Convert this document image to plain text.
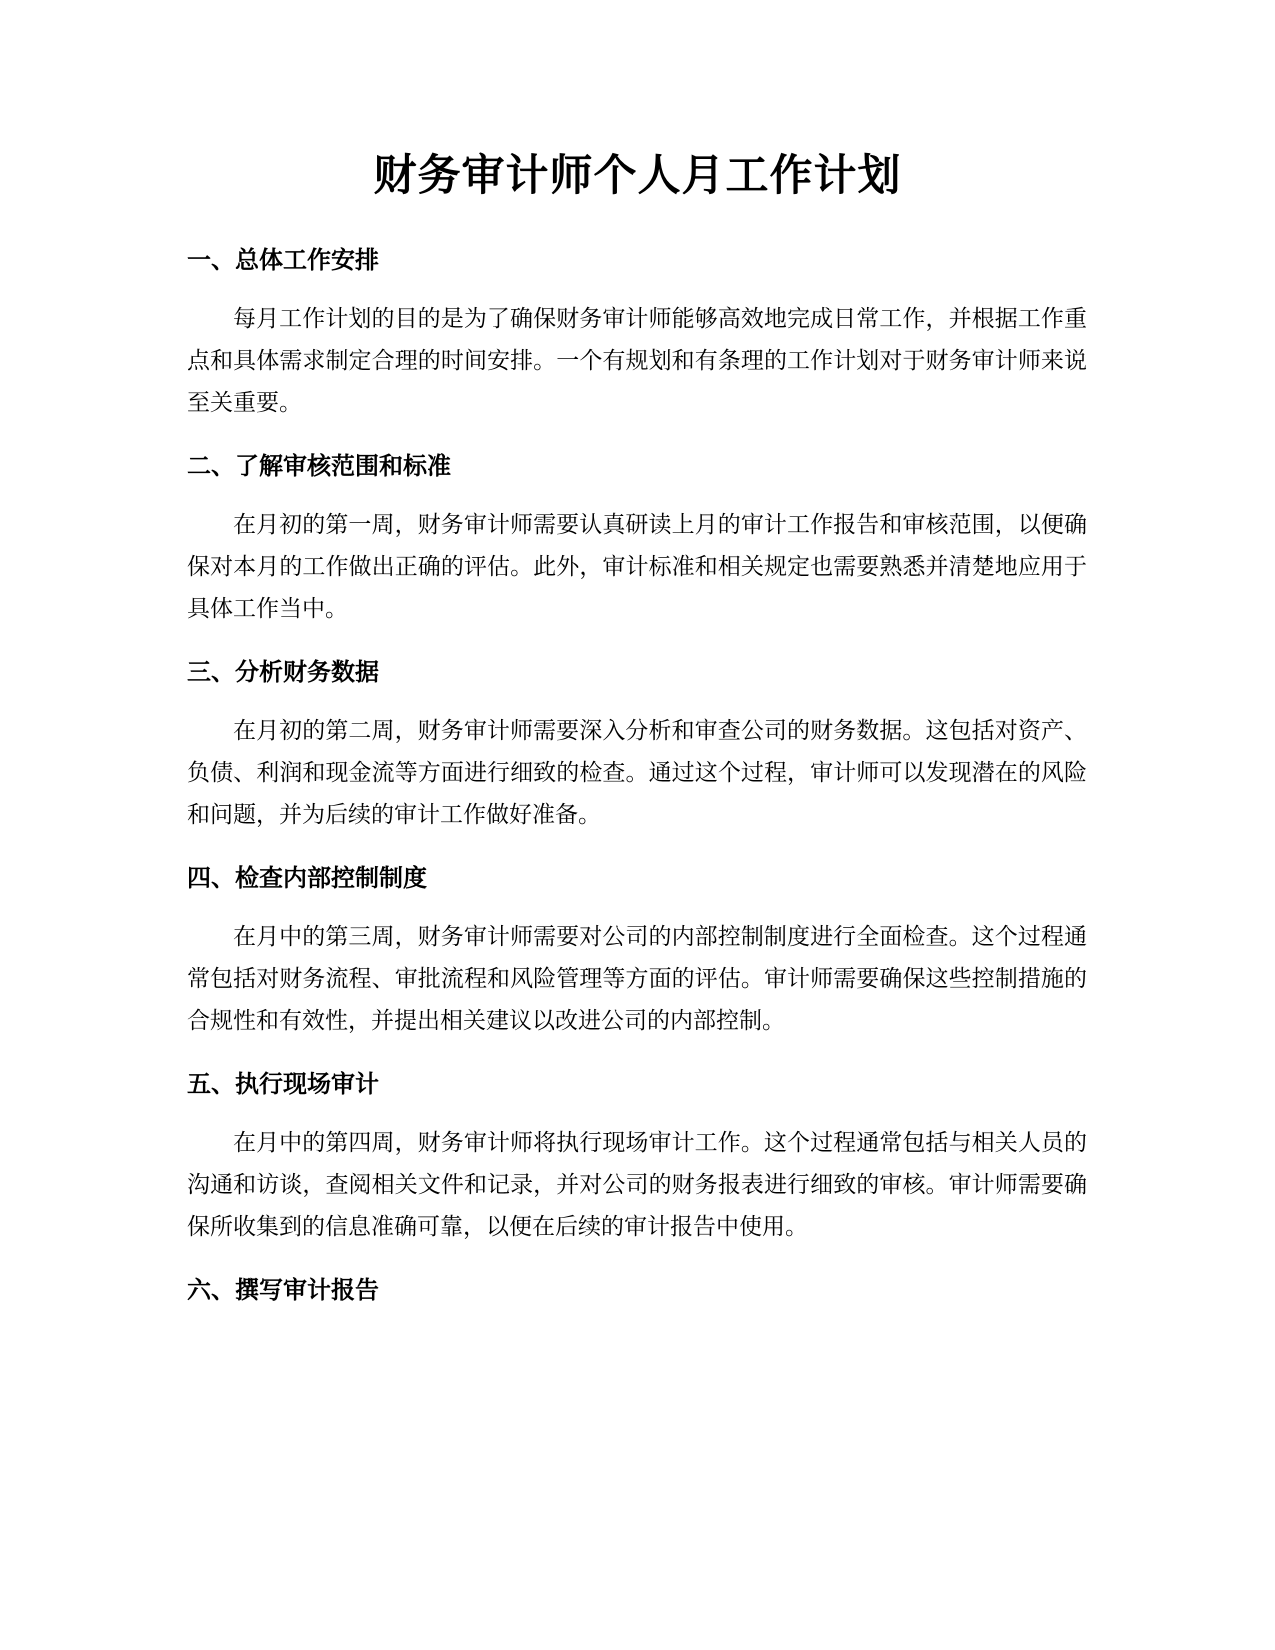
财务审计师个人月工作计划
一、总体工作安排

每月工作计划的目的是为了确保财务审计师能够高效地完成日常工作，并根据工作重点和具体需求制定合理的时间安排。一个有规划和有条理的工作计划对于财务审计师来说至关重要。

二、了解审核范围和标准

在月初的第一周，财务审计师需要认真研读上月的审计工作报告和审核范围，以便确保对本月的工作做出正确的评估。此外，审计标准和相关规定也需要熟悉并清楚地应用于具体工作当中。

三、分析财务数据

在月初的第二周，财务审计师需要深入分析和审查公司的财务数据。这包括对资产、负债、利润和现金流等方面进行细致的检查。通过这个过程，审计师可以发现潜在的风险和问题，并为后续的审计工作做好准备。

四、检查内部控制制度

在月中的第三周，财务审计师需要对公司的内部控制制度进行全面检查。这个过程通常包括对财务流程、审批流程和风险管理等方面的评估。审计师需要确保这些控制措施的合规性和有效性，并提出相关建议以改进公司的内部控制。

五、执行现场审计

在月中的第四周，财务审计师将执行现场审计工作。这个过程通常包括与相关人员的沟通和访谈，查阅相关文件和记录，并对公司的财务报表进行细致的审核。审计师需要确保所收集到的信息准确可靠，以便在后续的审计报告中使用。

六、撰写审计报告
